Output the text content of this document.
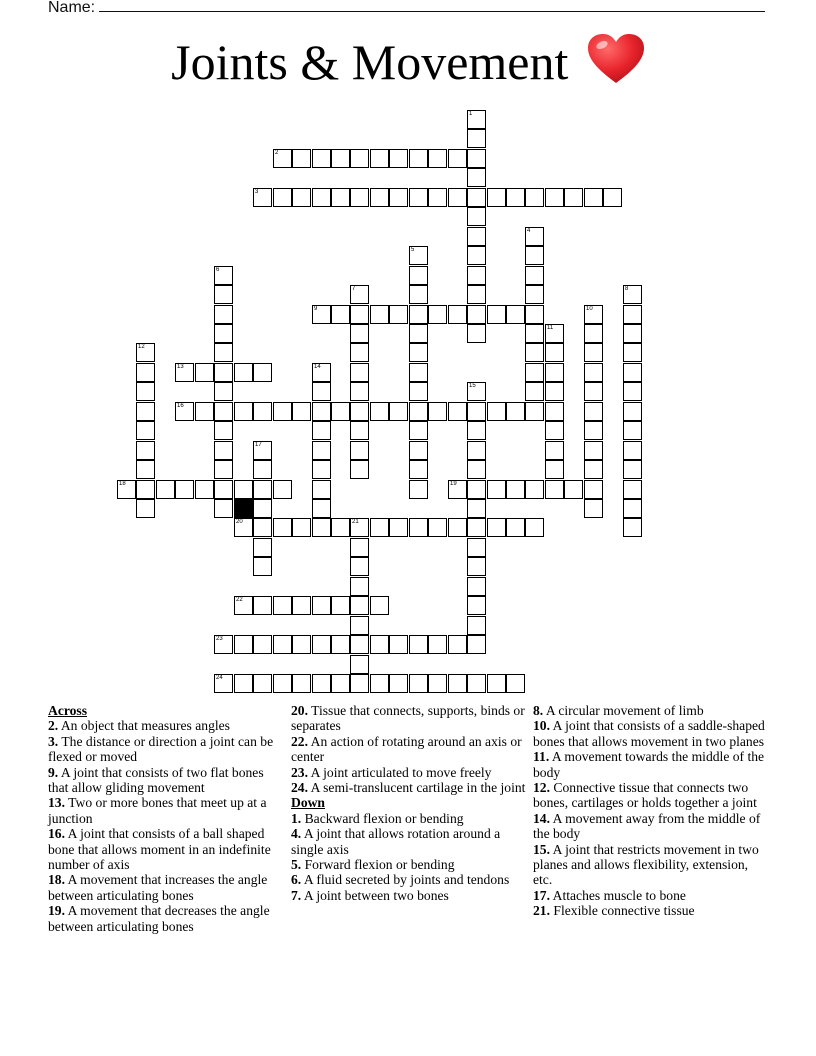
Name:
Joints & Movement
1
2
3
4
5
6
7	8
9	10
11
12
13	14
15
16
17
18	19
20	21
22
23
24
Across
2. An object that measures angles
3. The distance or direction a joint can be flexed or moved
9. A joint that consists of two flat bones that allow gliding movement
13. Two or more bones that meet up at a junction
16. A joint that consists of a ball shaped bone that allows moment in an indefinite number of axis
18. A movement that increases the angle between articulating bones
19. A movement that decreases the angle between articulating bones
20. Tissue that connects, supports, binds or separates
22. An action of rotating around an axis or center
23. A joint articulated to move freely
24. A semi-translucent cartilage in the joint
Down
1. Backward flexion or bending
4. A joint that allows rotation around a single axis
5. Forward flexion or bending
6. A fluid secreted by joints and tendons
7. A joint between two bones
8. A circular movement of limb
10. A joint that consists of a saddle-shaped bones that allows movement in two planes
11. A movement towards the middle of the body
12. Connective tissue that connects two bones, cartilages or holds together a joint
14. A movement away from the middle of the body
15. A joint that restricts movement in two planes and allows flexibility, extension, etc.
17. Attaches muscle to bone
21. Flexible connective tissue
